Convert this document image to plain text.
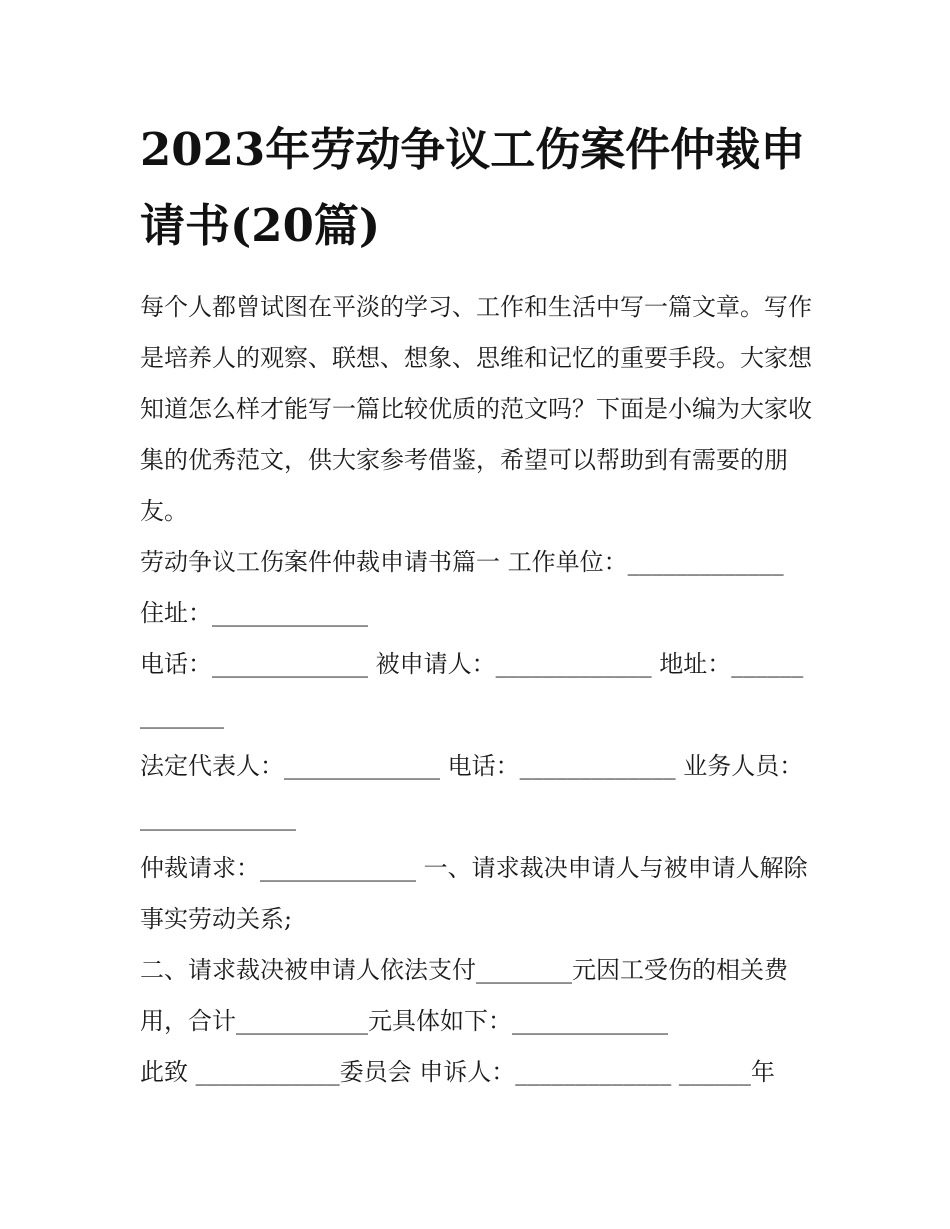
2023年劳动争议工伤案件仲裁申请书(20篇)

每个人都曾试图在平淡的学习、工作和生活中写一篇文章。写作是培养人的观察、联想、想象、思维和记忆的重要手段。大家想知道怎么样才能写一篇比较优质的范文吗？下面是小编为大家收集的优秀范文，供大家参考借鉴，希望可以帮助到有需要的朋友。

劳动争议工伤案件仲裁申请书篇一 工作单位：_____________

住址：_____________

电话：_____________ 被申请人：_____________ 地址：_____________

法定代表人：_____________ 电话：_____________ 业务人员：_____________

仲裁请求：_____________ 一、请求裁决申请人与被申请人解除事实劳动关系;

二、请求裁决被申请人依法支付________元因工受伤的相关费用，合计___________元具体如下：_____________

此致 ____________委员会 申诉人：_____________ ______年
